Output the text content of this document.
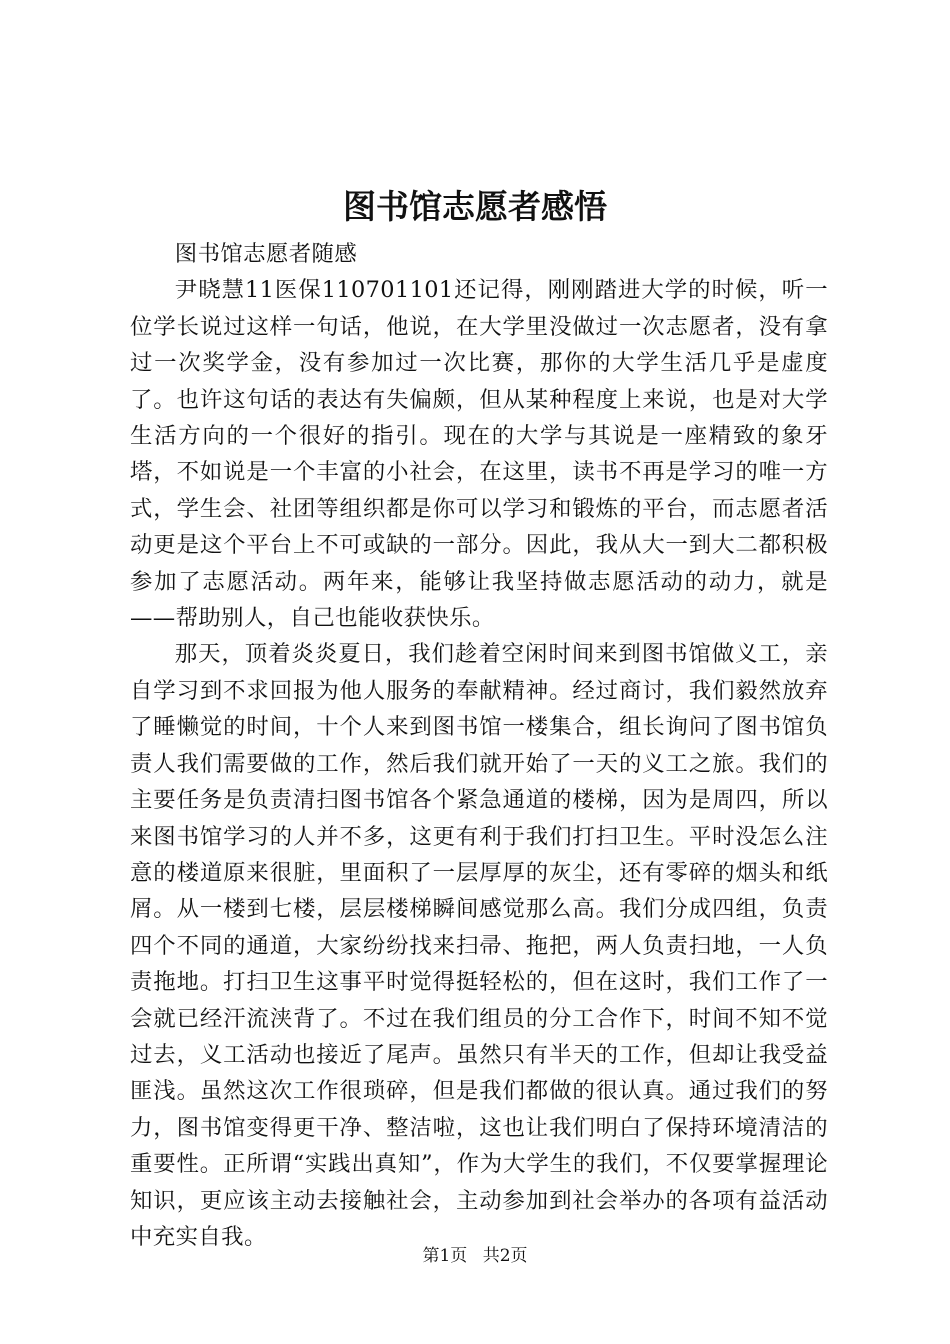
图书馆志愿者感悟

图书馆志愿者随感

尹晓慧11医保110701101还记得，刚刚踏进大学的时候，听一位学长说过这样一句话，他说，在大学里没做过一次志愿者，没有拿过一次奖学金，没有参加过一次比赛，那你的大学生活几乎是虚度了。也许这句话的表达有失偏颇，但从某种程度上来说，也是对大学生活方向的一个很好的指引。现在的大学与其说是一座精致的象牙塔，不如说是一个丰富的小社会，在这里，读书不再是学习的唯一方式，学生会、社团等组织都是你可以学习和锻炼的平台，而志愿者活动更是这个平台上不可或缺的一部分。因此，我从大一到大二都积极参加了志愿活动。两年来，能够让我坚持做志愿活动的动力，就是——帮助别人，自己也能收获快乐。

那天，顶着炎炎夏日，我们趁着空闲时间来到图书馆做义工，亲自学习到不求回报为他人服务的奉献精神。经过商讨，我们毅然放弃了睡懒觉的时间，十个人来到图书馆一楼集合，组长询问了图书馆负责人我们需要做的工作，然后我们就开始了一天的义工之旅。我们的主要任务是负责清扫图书馆各个紧急通道的楼梯，因为是周四，所以来图书馆学习的人并不多，这更有利于我们打扫卫生。平时没怎么注意的楼道原来很脏，里面积了一层厚厚的灰尘，还有零碎的烟头和纸屑。从一楼到七楼，层层楼梯瞬间感觉那么高。我们分成四组，负责四个不同的通道，大家纷纷找来扫帚、拖把，两人负责扫地，一人负责拖地。打扫卫生这事平时觉得挺轻松的，但在这时，我们工作了一会就已经汗流浃背了。不过在我们组员的分工合作下，时间不知不觉过去，义工活动也接近了尾声。虽然只有半天的工作，但却让我受益匪浅。虽然这次工作很琐碎，但是我们都做的很认真。通过我们的努力，图书馆变得更干净、整洁啦，这也让我们明白了保持环境清洁的重要性。正所谓“实践出真知”，作为大学生的我们，不仅要掌握理论知识，更应该主动去接触社会，主动参加到社会举办的各项有益活动中充实自我。

第1页 共2页
